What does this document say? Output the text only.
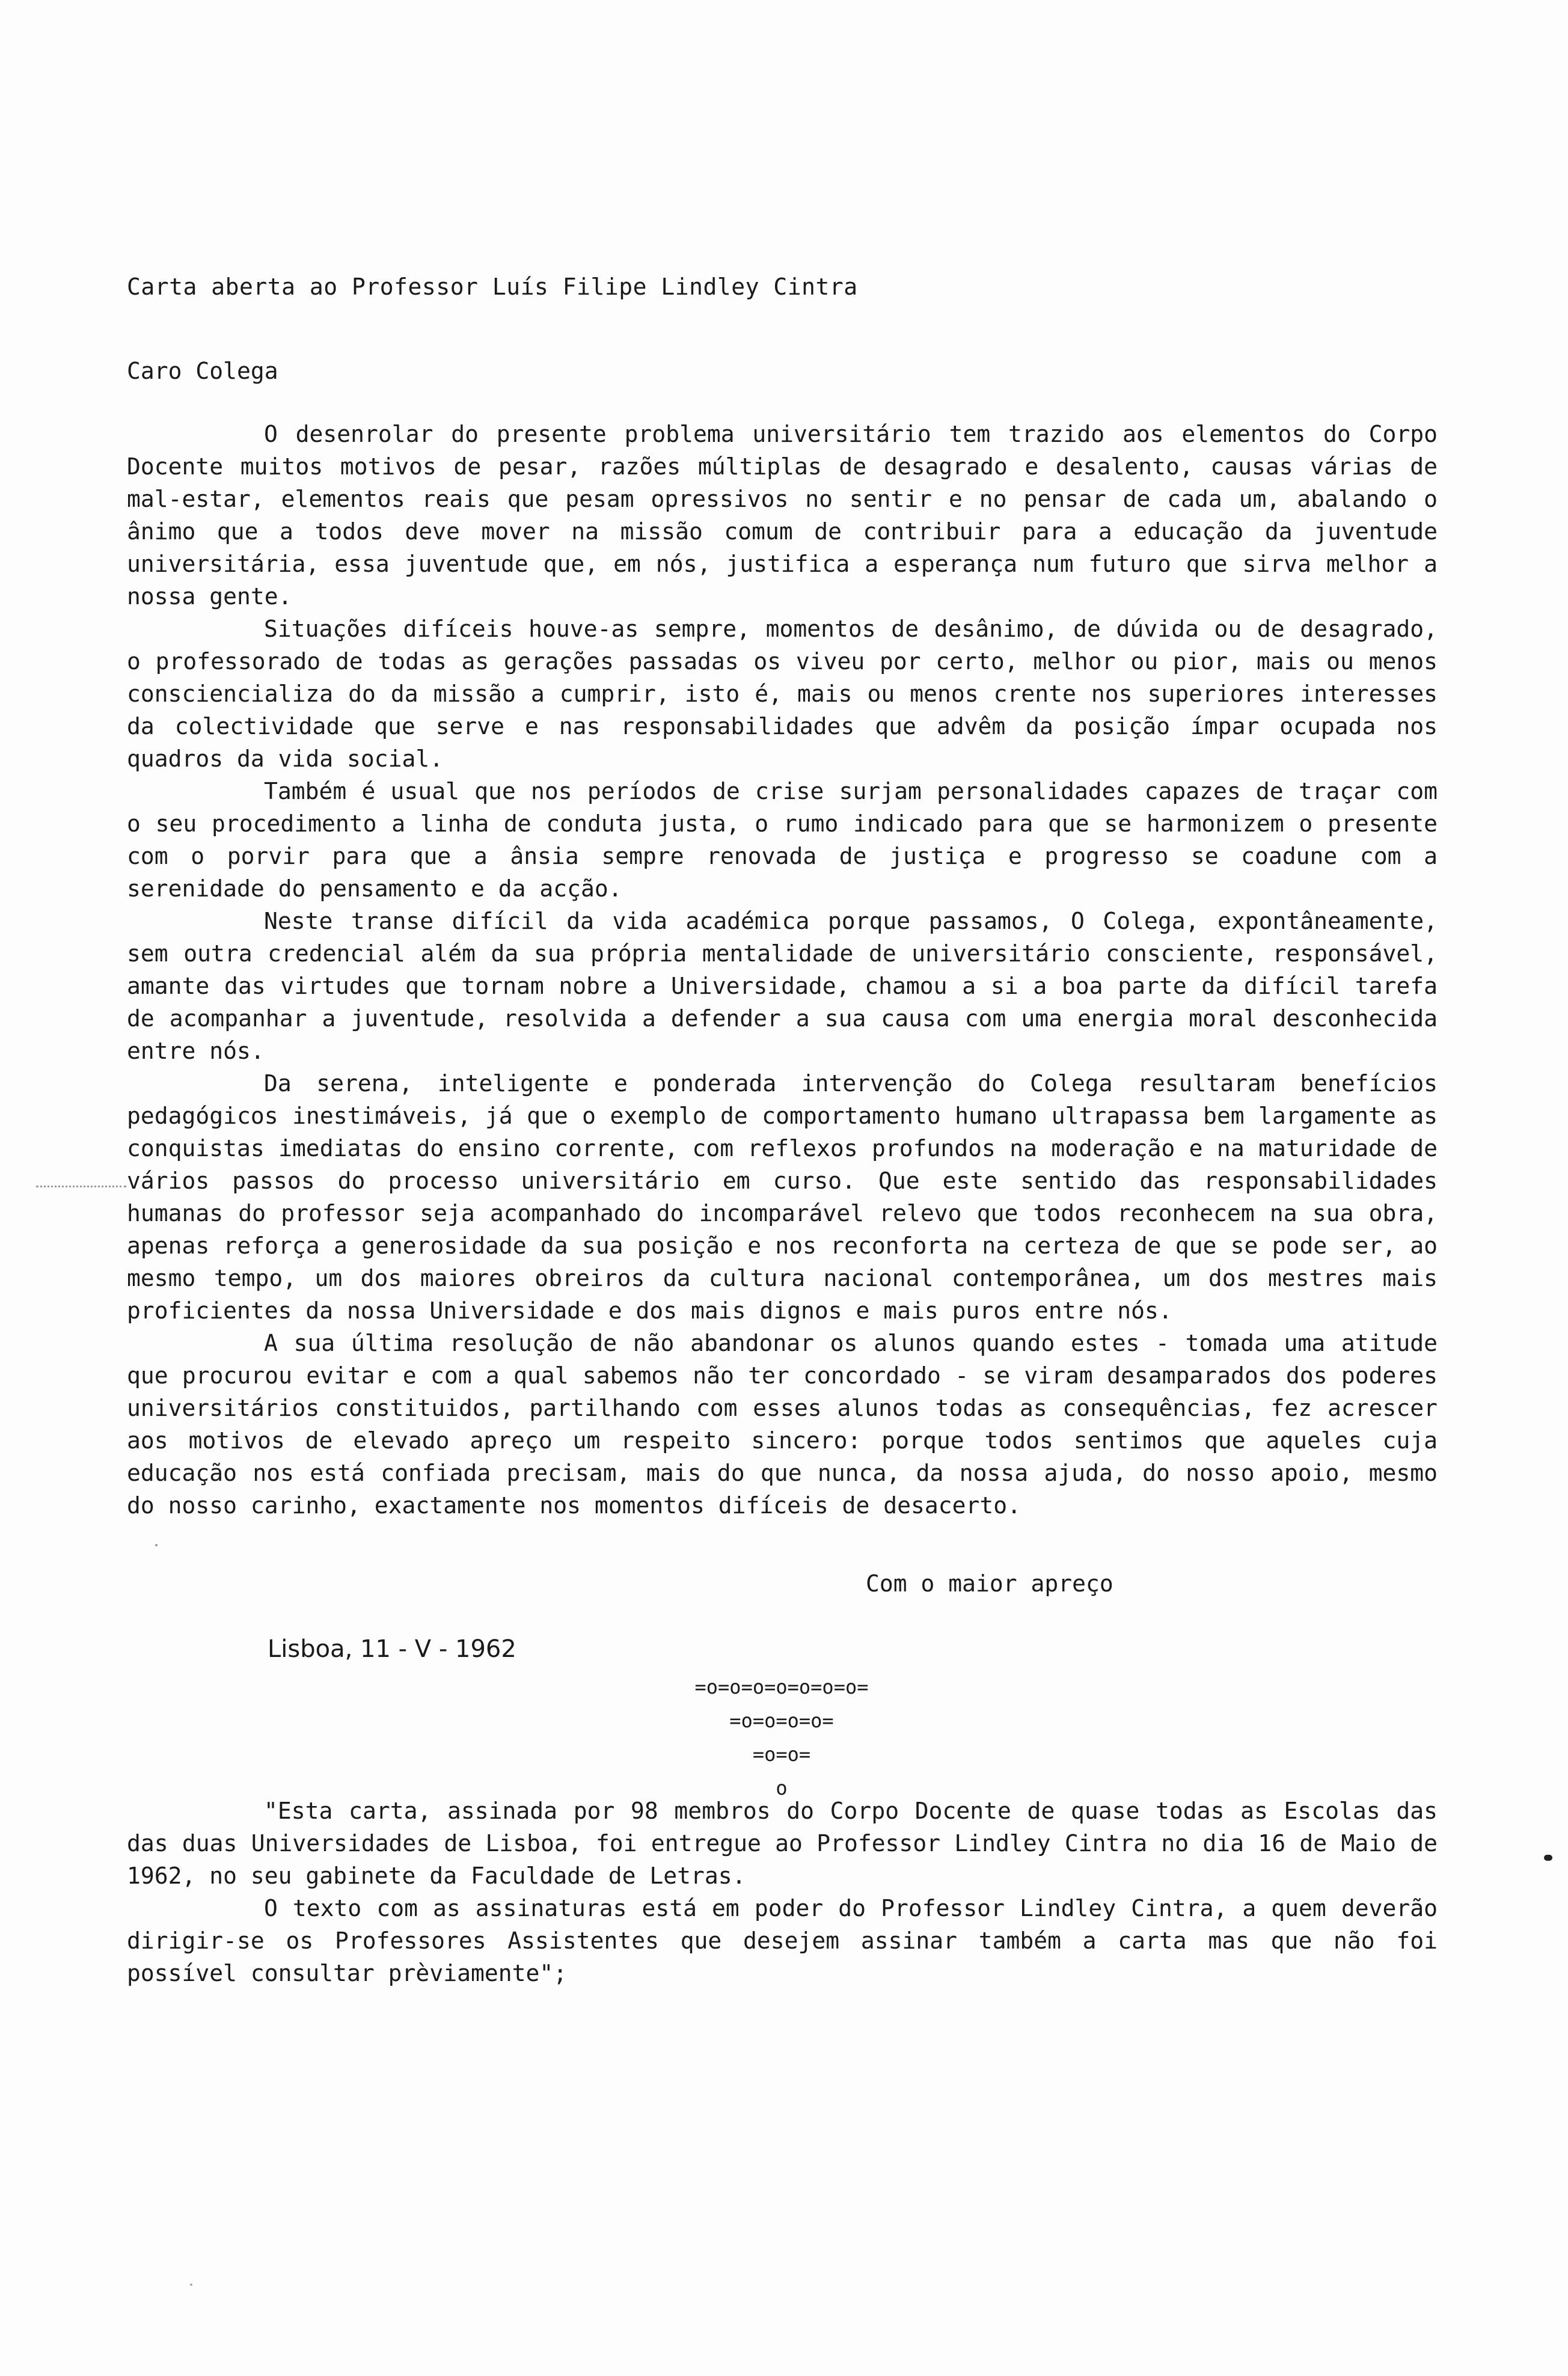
Carta aberta ao Professor Luís Filipe Lindley Cintra
Caro Colega

O desenrolar do presente problema universitário tem trazido aos elementos do Corpo Docente muitos motivos de pesar, razões múltiplas de desagrado e desalento, causas várias de mal-estar, elementos reais que pesam opressivos no sentir e no pensar de cada um, abalando o ânimo que a todos deve mover na missão comum de contribuir para a educação da juventude universitária, essa juventude que, em nós, justifica a esperança num futuro que sirva melhor a nossa gente.

Situações difíceis houve-as sempre, momentos de desânimo, de dúvida ou de desagrado, o professorado de todas as gerações passadas os viveu por certo, melhor ou pior, mais ou menos consciencializa do da missão a cumprir, isto é, mais ou menos crente nos superiores interesses da colectividade que serve e nas responsabilidades que advêm da posição ímpar ocupada nos quadros da vida social.

Também é usual que nos períodos de crise surjam personalidades capazes de traçar com o seu procedimento a linha de conduta justa, o rumo indicado para que se harmonizem o presente com o porvir para que a ânsia sempre renovada de justiça e progresso se coadune com a serenidade do pensamento e da acção.

Neste transe difícil da vida académica porque passamos, O Colega, expontâneamente, sem outra credencial além da sua própria mentalidade de universitário consciente, responsável, amante das virtudes que tornam nobre a Universidade, chamou a si a boa parte da difícil tarefa de acompanhar a juventude, resolvida a defender a sua causa com uma energia moral desconhecida entre nós.

Da serena, inteligente e ponderada intervenção do Colega resultaram benefícios pedagógicos inestimáveis, já que o exemplo de comportamento humano ultrapassa bem largamente as conquistas imediatas do ensino corrente, com reflexos profundos na moderação e na maturidade de vários passos do processo universitário em curso. Que este sentido das responsabilidades humanas do professor seja acompanhado do incomparável relevo que todos reconhecem na sua obra, apenas reforça a generosidade da sua posição e nos reconforta na certeza de que se pode ser, ao mesmo tempo, um dos maiores obreiros da cultura nacional contemporânea, um dos mestres mais proficientes da nossa Universidade e dos mais dignos e mais puros entre nós.

A sua última resolução de não abandonar os alunos quando estes - tomada uma atitude que procurou evitar e com a qual sabemos não ter concordado - se viram desamparados dos poderes universitários constituidos, partilhando com esses alunos todas as consequências, fez acrescer aos motivos de elevado apreço um respeito sincero: porque todos sentimos que aqueles cuja educação nos está confiada precisam, mais do que nunca, da nossa ajuda, do nosso apoio, mesmo do nosso carinho, exactamente nos momentos difíceis de desacerto.

Com o maior apreço
Lisboa, 11 - V - 1962
=o=o=o=o=o=o=o=
=o=o=o=o=
=o=o=
o

"Esta carta, assinada por 98 membros do Corpo Docente de quase todas as Escolas das das duas Universidades de Lisboa, foi entregue ao Professor Lindley Cintra no dia 16 de Maio de 1962, no seu gabinete da Faculdade de Letras.

O texto com as assinaturas está em poder do Professor Lindley Cintra, a quem deverão dirigir-se os Professores Assistentes que desejem assinar também a carta mas que não foi possível consultar prèviamente";
